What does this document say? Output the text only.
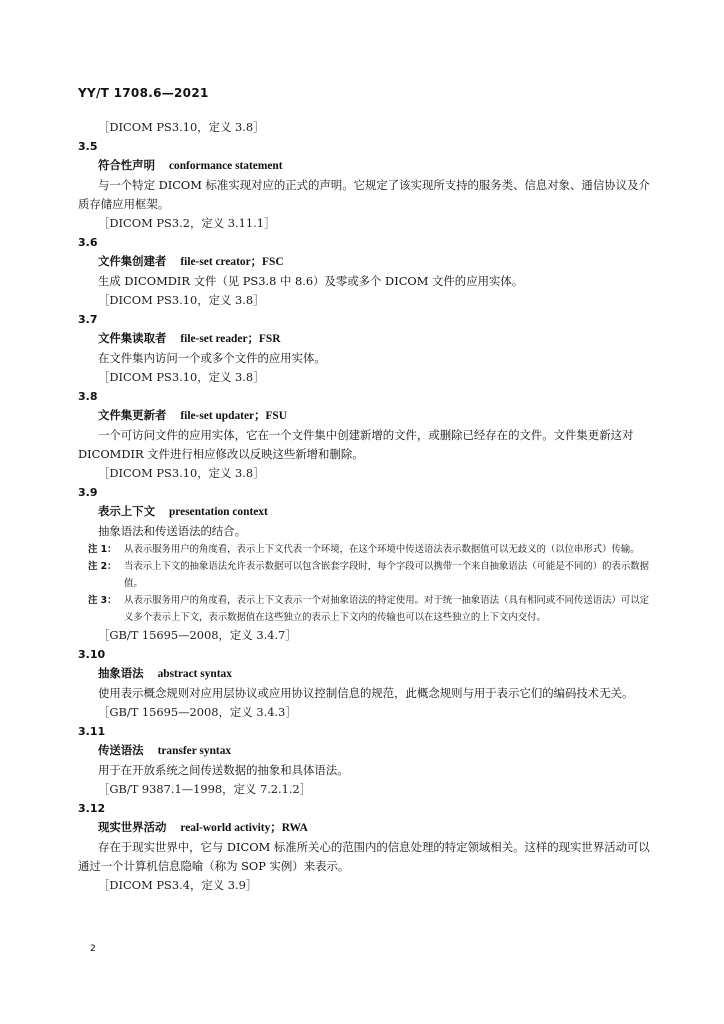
YY/T 1708.6—2021
［DICOM PS3.10，定义 3.8］
3.5
符合性声明 conformance statement
与一个特定 DICOM 标准实现对应的正式的声明。它规定了该实现所支持的服务类、信息对象、通信协议及介质存储应用框架。
［DICOM PS3.2，定义 3.11.1］
3.6
文件集创建者 file-set creator；FSC
生成 DICOMDIR 文件（见 PS3.8 中 8.6）及零或多个 DICOM 文件的应用实体。
［DICOM PS3.10，定义 3.8］
3.7
文件集读取者 file-set reader；FSR
在文件集内访问一个或多个文件的应用实体。
［DICOM PS3.10，定义 3.8］
3.8
文件集更新者 file-set updater；FSU
一个可访问文件的应用实体，它在一个文件集中创建新增的文件，或删除已经存在的文件。文件集更新这对 DICOMDIR 文件进行相应修改以反映这些新增和删除。
［DICOM PS3.10，定义 3.8］
3.9
表示上下文 presentation context
抽象语法和传送语法的结合。
注 1： 从表示服务用户的角度看，表示上下文代表一个环境，在这个环境中传送语法表示数据值可以无歧义的（以位串形式）传输。
注 2： 当表示上下文的抽象语法允许表示数据可以包含嵌套字段时，每个字段可以携带一个来自抽象语法（可能是不同的）的表示数据值。
注 3： 从表示服务用户的角度看，表示上下文表示一个对抽象语法的特定使用。对于统一抽象语法（具有相同或不同传送语法）可以定义多个表示上下文，表示数据值在这些独立的表示上下文内的传输也可以在这些独立的上下文内交付。
［GB/T 15695—2008，定义 3.4.7］
3.10
抽象语法 abstract syntax
使用表示概念规则对应用层协议或应用协议控制信息的规范，此概念规则与用于表示它们的编码技术无关。
［GB/T 15695—2008，定义 3.4.3］
3.11
传送语法 transfer syntax
用于在开放系统之间传送数据的抽象和具体语法。
［GB/T 9387.1—1998，定义 7.2.1.2］
3.12
现实世界活动 real-world activity；RWA
存在于现实世界中，它与 DICOM 标准所关心的范围内的信息处理的特定领域相关。这样的现实世界活动可以通过一个计算机信息隐喻（称为 SOP 实例）来表示。
［DICOM PS3.4，定义 3.9］
2
